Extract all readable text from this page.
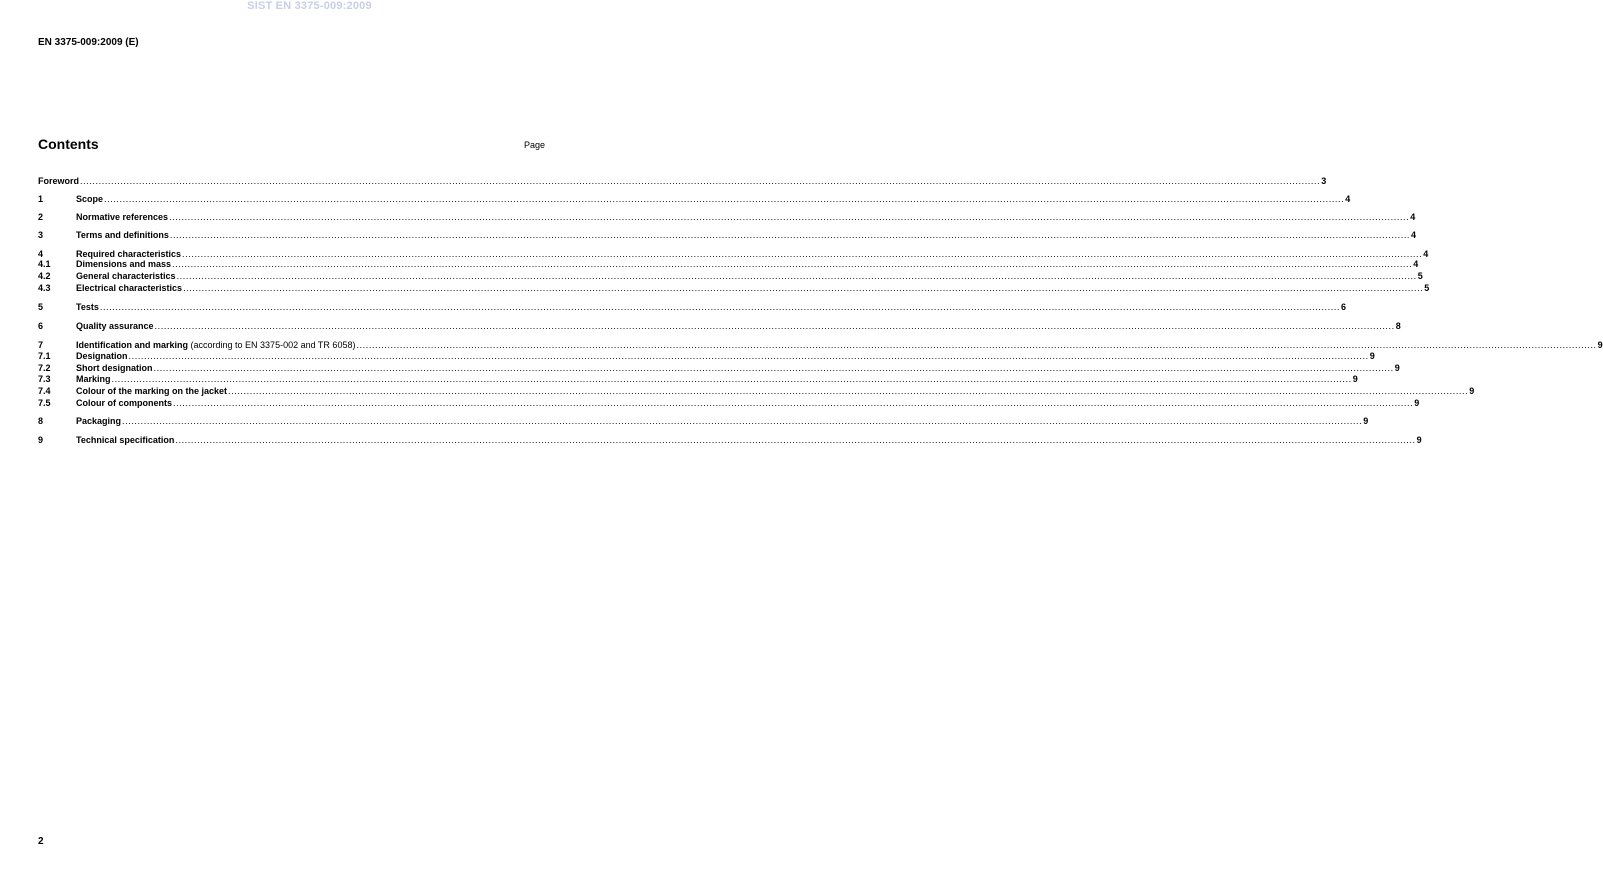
SIST EN 3375-009:2009
EN 3375-009:2009 (E)
Contents	Page
Foreword ................................................................................................................................................................................................................................................................................................................................................................................................................ 3
1	Scope ................................................................................................................................................................................................................................................................................................................................................................................................................ 4
2	Normative references ................................................................................................................................................................................................................................................................................................................................................................................................................ 4
3	Terms and definitions ................................................................................................................................................................................................................................................................................................................................................................................................................ 4
4	Required characteristics ................................................................................................................................................................................................................................................................................................................................................................................................................ 4
4.1	Dimensions and mass ................................................................................................................................................................................................................................................................................................................................................................................................................ 4
4.2	General characteristics ................................................................................................................................................................................................................................................................................................................................................................................................................ 5
4.3	Electrical characteristics ................................................................................................................................................................................................................................................................................................................................................................................................................ 5
5	Tests ................................................................................................................................................................................................................................................................................................................................................................................................................ 6
6	Quality assurance ................................................................................................................................................................................................................................................................................................................................................................................................................ 8
7	Identification and marking (according to EN 3375-002 and TR 6058) ................................................................................................................................................................................................................................................................................................................................................................................................................ 9
7.1	Designation ................................................................................................................................................................................................................................................................................................................................................................................................................ 9
7.2	Short designation ................................................................................................................................................................................................................................................................................................................................................................................................................ 9
7.3	Marking ................................................................................................................................................................................................................................................................................................................................................................................................................ 9
7.4	Colour of the marking on the jacket ................................................................................................................................................................................................................................................................................................................................................................................................................ 9
7.5	Colour of components ................................................................................................................................................................................................................................................................................................................................................................................................................ 9
8	Packaging ................................................................................................................................................................................................................................................................................................................................................................................................................ 9
9	Technical specification ................................................................................................................................................................................................................................................................................................................................................................................................................ 9
2
